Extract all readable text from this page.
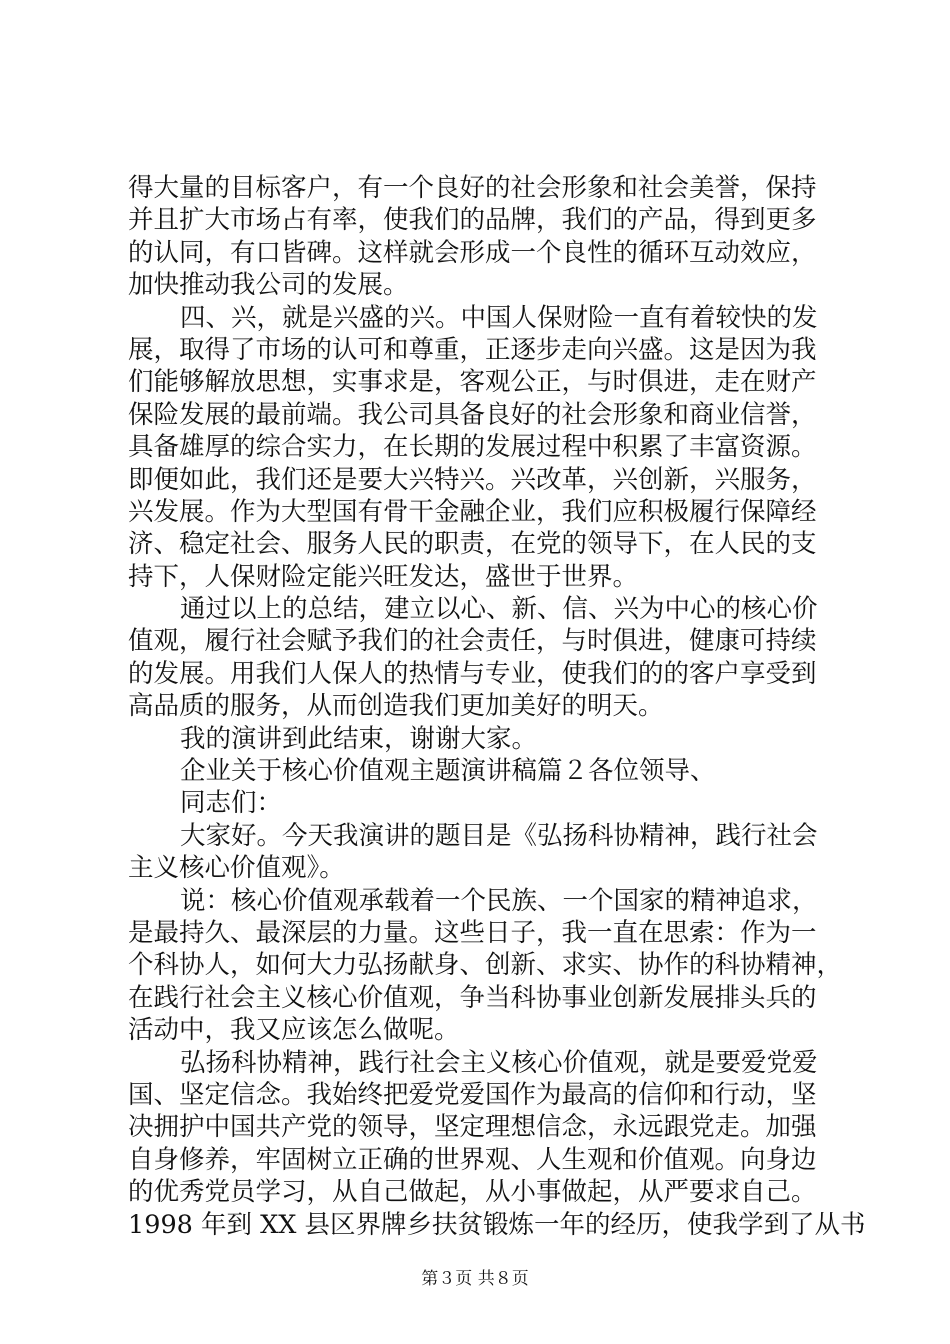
得大量的目标客户，有一个良好的社会形象和社会美誉，保持
并且扩大市场占有率，使我们的品牌，我们的产品，得到更多
的认同，有口皆碑。这样就会形成一个良性的循环互动效应，
加快推动我公司的发展。
四、兴，就是兴盛的兴。中国人保财险一直有着较快的发
展，取得了市场的认可和尊重，正逐步走向兴盛。这是因为我
们能够解放思想，实事求是，客观公正，与时俱进，走在财产
保险发展的最前端。我公司具备良好的社会形象和商业信誉，
具备雄厚的综合实力，在长期的发展过程中积累了丰富资源。
即便如此，我们还是要大兴特兴。兴改革，兴创新，兴服务，
兴发展。作为大型国有骨干金融企业，我们应积极履行保障经
济、稳定社会、服务人民的职责，在党的领导下，在人民的支
持下，人保财险定能兴旺发达，盛世于世界。
通过以上的总结，建立以心、新、信、兴为中心的核心价
值观，履行社会赋予我们的社会责任，与时俱进，健康可持续
的发展。用我们人保人的热情与专业，使我们的的客户享受到
高品质的服务，从而创造我们更加美好的明天。
我的演讲到此结束，谢谢大家。
企业关于核心价值观主题演讲稿篇２各位领导、
同志们：
大家好。今天我演讲的题目是《弘扬科协精神，践行社会
主义核心价值观》。
说：核心价值观承载着一个民族、一个国家的精神追求，
是最持久、最深层的力量。这些日子，我一直在思索：作为一
个科协人，如何大力弘扬献身、创新、求实、协作的科协精神，
在践行社会主义核心价值观，争当科协事业创新发展排头兵的
活动中，我又应该怎么做呢。
弘扬科协精神，践行社会主义核心价值观，就是要爱党爱
国、坚定信念。我始终把爱党爱国作为最高的信仰和行动，坚
决拥护中国共产党的领导，坚定理想信念，永远跟党走。加强
自身修养，牢固树立正确的世界观、人生观和价值观。向身边
的优秀党员学习，从自己做起，从小事做起，从严要求自己。
1998 年到 XX 县区界牌乡扶贫锻炼一年的经历，使我学到了从书
第３页 共８页
